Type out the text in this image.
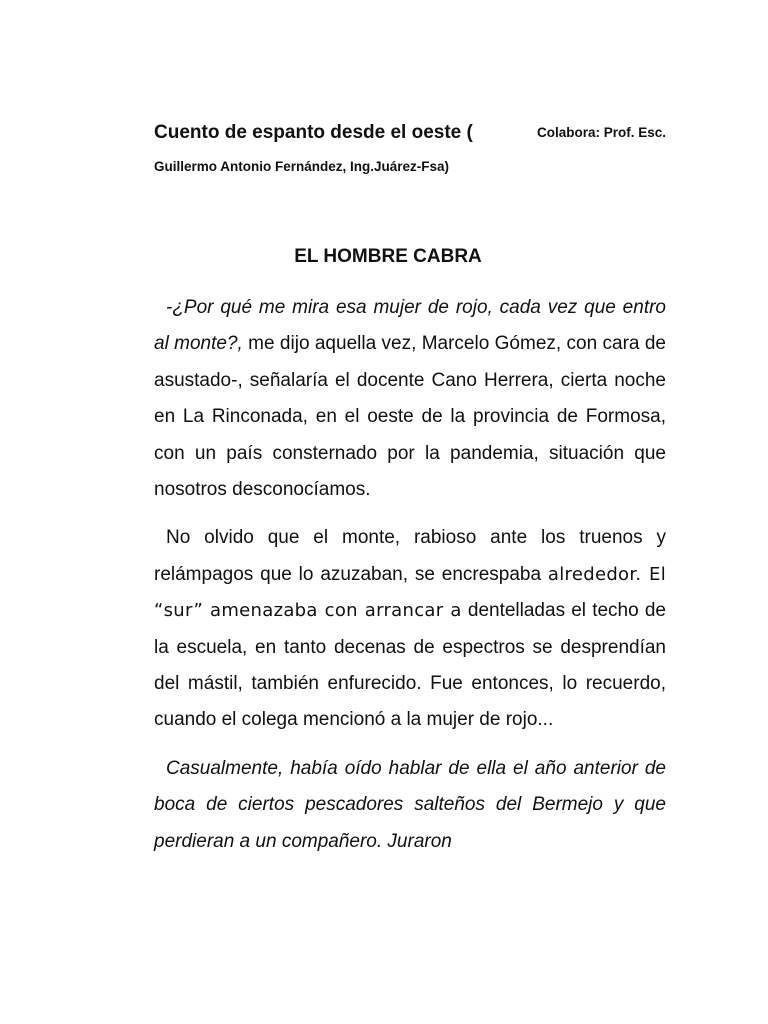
Cuento de espanto desde el oeste (	Colabora: Prof. Esc.
Guillermo Antonio Fernández, Ing.Juárez-Fsa)
EL HOMBRE CABRA

-¿Por qué me mira esa mujer de rojo, cada vez que entro al monte?, me dijo aquella vez, Marcelo Gómez, con cara de asustado-, señalaría el docente Cano Herrera, cierta noche en La Rinconada, en el oeste de la provincia de Formosa, con un país consternado por la pandemia, situación que nosotros desconocíamos.

No olvido que el monte, rabioso ante los truenos y relámpagos que lo azuzaban, se encrespaba alrededor. El “sur” amenazaba con arrancar a dentelladas el techo de la escuela, en tanto decenas de espectros se desprendían del mástil, también enfurecido. Fue entonces, lo recuerdo, cuando el colega mencionó a la mujer de rojo...

Casualmente, había oído hablar de ella el año anterior de boca de ciertos pescadores salteños del Bermejo y que perdieran a un compañero. Juraron
